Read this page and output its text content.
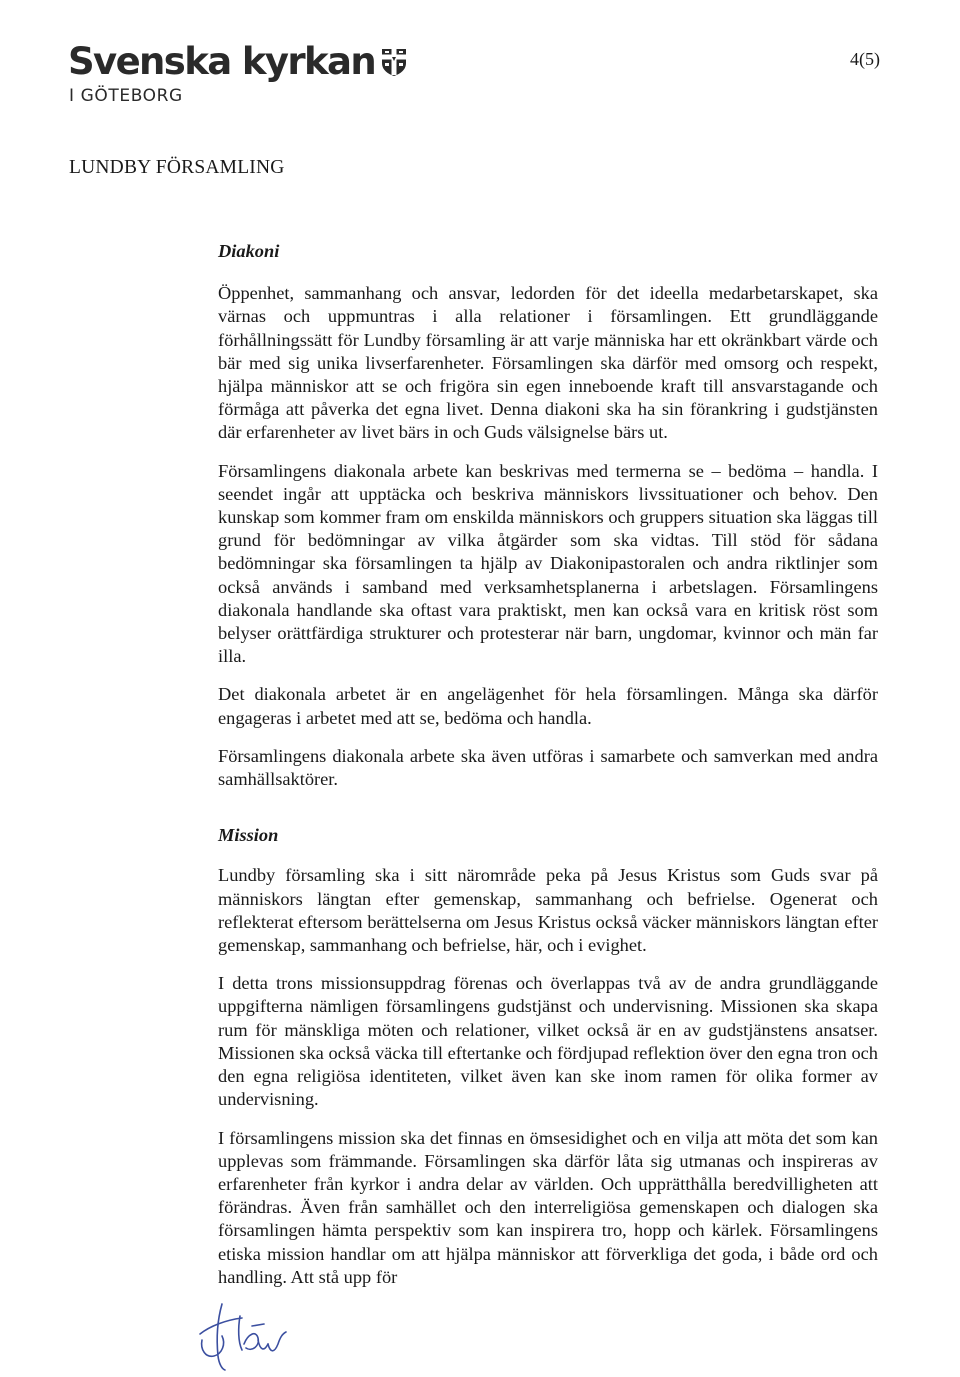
Svenska kyrkan
I GÖTEBORG
4(5)
LUNDBY FÖRSAMLING
Diakoni

Öppenhet, sammanhang och ansvar, ledorden för det ideella medarbetarskapet, ska värnas och uppmuntras i alla relationer i församlingen. Ett grundläggande förhållningssätt för Lundby församling är att varje människa har ett okränkbart värde och bär med sig unika livserfarenheter. Församlingen ska därför med omsorg och respekt, hjälpa människor att se och frigöra sin egen inneboende kraft till ansvarstagande och förmåga att påverka det egna livet. Denna diakoni ska ha sin förankring i gudstjänsten där erfarenheter av livet bärs in och Guds välsignelse bärs ut.

Församlingens diakonala arbete kan beskrivas med termerna se – bedöma – handla. I seendet ingår att upptäcka och beskriva människors livssituationer och behov. Den kunskap som kommer fram om enskilda människors och gruppers situation ska läggas till grund för bedömningar av vilka åtgärder som ska vidtas. Till stöd för sådana bedömningar ska församlingen ta hjälp av Diakonipastoralen och andra riktlinjer som också används i samband med verksamhetsplanerna i arbetslagen. Församlingens diakonala handlande ska oftast vara praktiskt, men kan också vara en kritisk röst som belyser orättfärdiga strukturer och protesterar när barn, ungdomar, kvinnor och män far illa.

Det diakonala arbetet är en angelägenhet för hela församlingen. Många ska därför engageras i arbetet med att se, bedöma och handla.

Församlingens diakonala arbete ska även utföras i samarbete och samverkan med andra samhällsaktörer.

Mission

Lundby församling ska i sitt närområde peka på Jesus Kristus som Guds svar på människors längtan efter gemenskap, sammanhang och befrielse. Ogenerat och reflekterat eftersom berättelserna om Jesus Kristus också väcker människors längtan efter gemenskap, sammanhang och befrielse, här, och i evighet.

I detta trons missionsuppdrag förenas och överlappas två av de andra grundläggande uppgifterna nämligen församlingens gudstjänst och undervisning. Missionen ska skapa rum för mänskliga möten och relationer, vilket också är en av gudstjänstens ansatser. Missionen ska också väcka till eftertanke och fördjupad reflektion över den egna tron och den egna religiösa identiteten, vilket även kan ske inom ramen för olika former av undervisning.

I församlingens mission ska det finnas en ömsesidighet och en vilja att möta det som kan upplevas som främmande. Församlingen ska därför låta sig utmanas och inspireras av erfarenheter från kyrkor i andra delar av världen. Och upprätthålla beredvilligheten att förändras. Även från samhället och den interreligiösa gemenskapen och dialogen ska församlingen hämta perspektiv som kan inspirera tro, hopp och kärlek. Församlingens etiska mission handlar om att hjälpa människor att förverkliga det goda, i både ord och handling. Att stå upp för
